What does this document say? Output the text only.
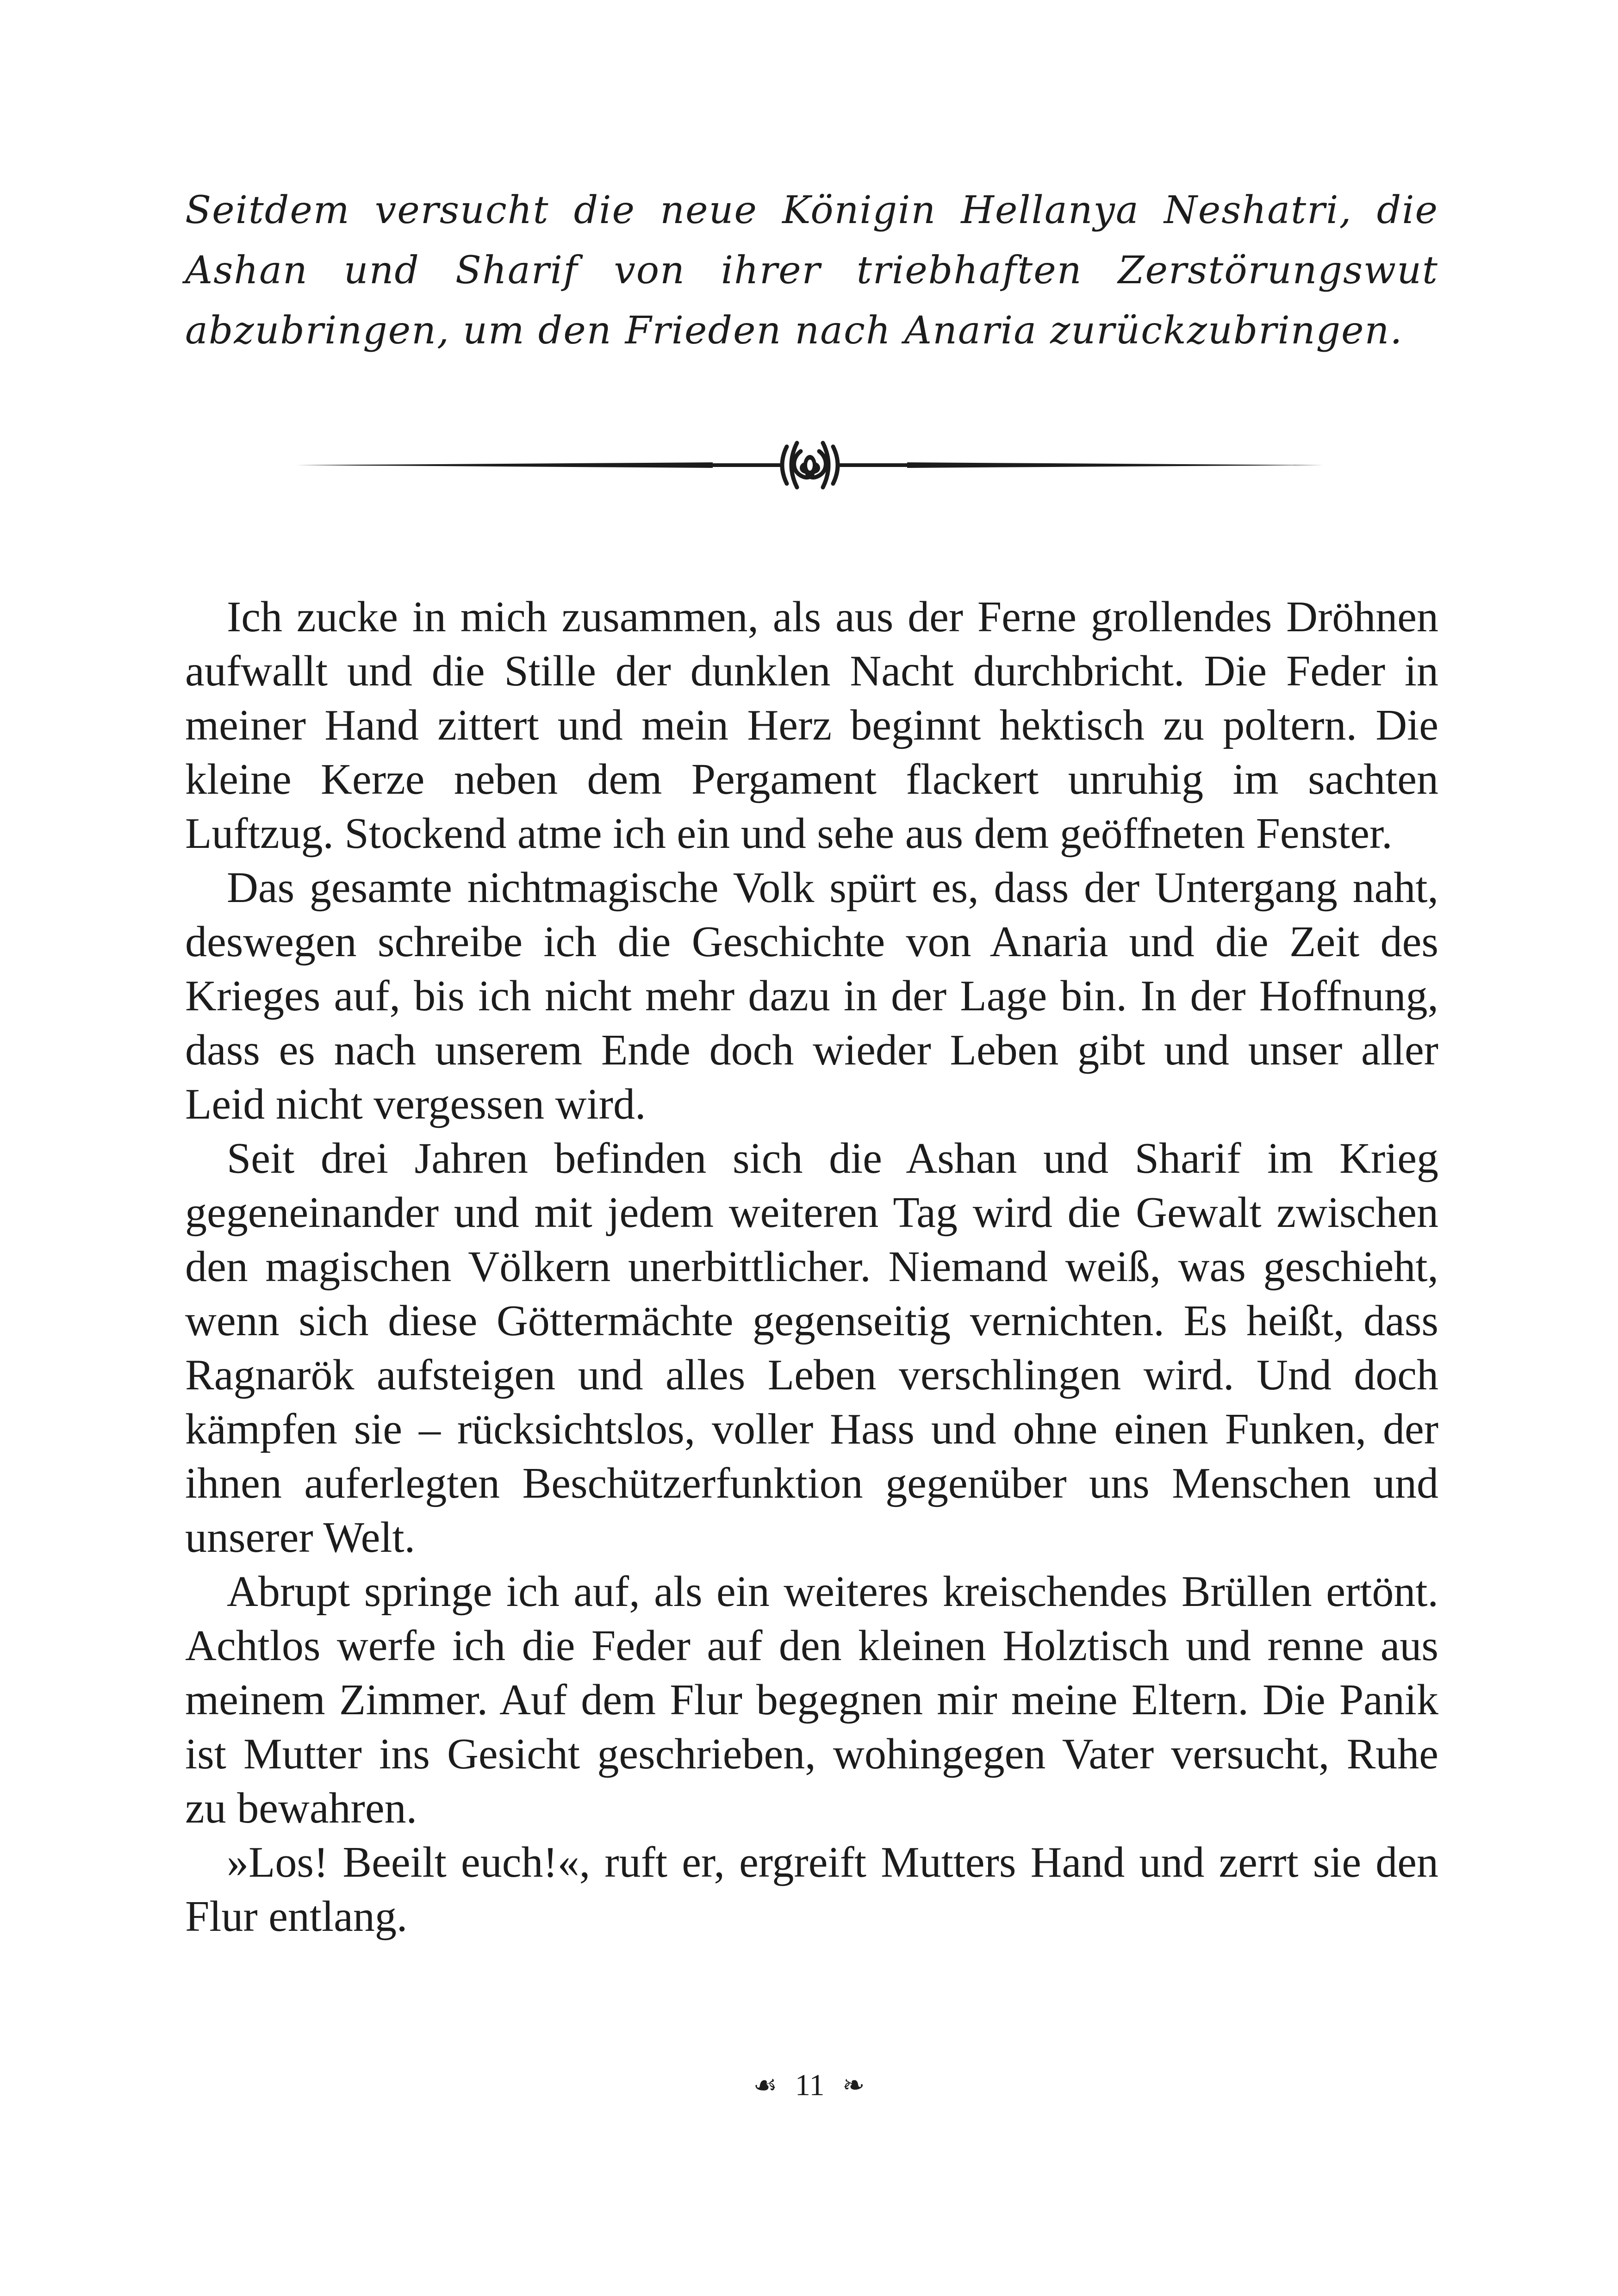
Seitdem versucht die neue Königin Hellanya Neshatri, die Ashan und Sharif von ihrer triebhaften Zerstörungswut abzubringen, um den Frieden nach Anaria zurückzubringen.

Ich zucke in mich zusammen, als aus der Ferne grollendes Dröhnen aufwallt und die Stille der dunklen Nacht durchbricht. Die Feder in meiner Hand zittert und mein Herz beginnt hektisch zu poltern. Die kleine Kerze neben dem Pergament flackert unruhig im sachten Luftzug. Stockend atme ich ein und sehe aus dem geöffneten Fenster.

Das gesamte nichtmagische Volk spürt es, dass der Untergang naht, deswegen schreibe ich die Geschichte von Anaria und die Zeit des Krieges auf, bis ich nicht mehr dazu in der Lage bin. In der Hoffnung, dass es nach unserem Ende doch wieder Leben gibt und unser aller Leid nicht vergessen wird.

Seit drei Jahren befinden sich die Ashan und Sharif im Krieg gegeneinander und mit jedem weiteren Tag wird die Gewalt zwischen den magischen Völkern unerbittlicher. Niemand weiß, was geschieht, wenn sich diese Göttermächte gegenseitig vernichten. Es heißt, dass Ragnarök aufsteigen und alles Leben verschlingen wird. Und doch kämpfen sie – rücksichtslos, voller Hass und ohne einen Funken, der ihnen auferlegten Beschützerfunktion gegenüber uns Menschen und unserer Welt.

Abrupt springe ich auf, als ein weiteres kreischendes Brüllen ertönt. Achtlos werfe ich die Feder auf den kleinen Holztisch und renne aus meinem Zimmer. Auf dem Flur begegnen mir meine Eltern. Die Panik ist Mutter ins Gesicht geschrieben, wohingegen Vater versucht, Ruhe zu bewahren.

»Los! Beeilt euch!«, ruft er, ergreift Mutters Hand und zerrt sie den Flur entlang.

☙ 11 ❧
